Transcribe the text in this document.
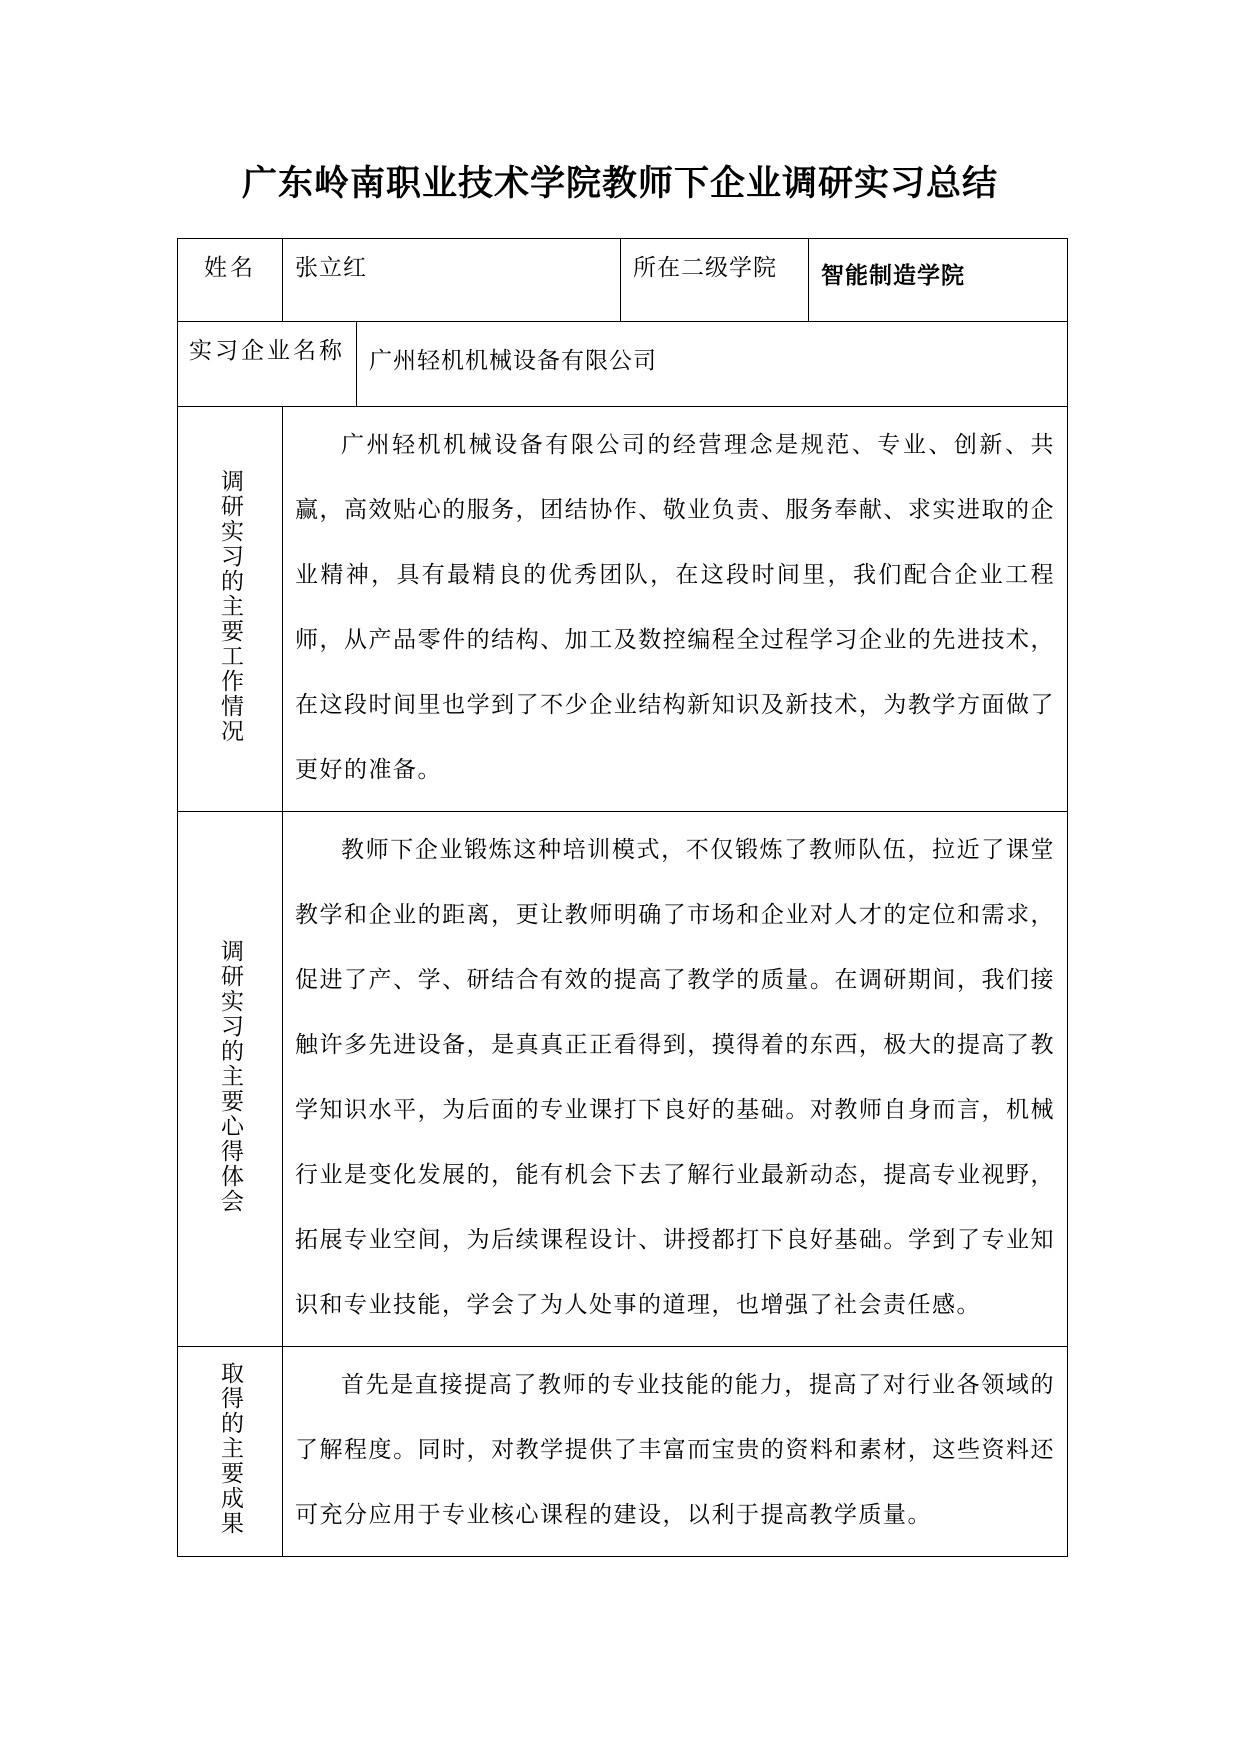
广东岭南职业技术学院教师下企业调研实习总结
姓名	张立红		所在二级学院	智能制造学院
实习企业名称		广州轻机机械设备有限公司		
调研实习的主要工作情况	广州轻机机械设备有限公司的经营理念是规范、专业、创新、共赢，高效贴心的服务，团结协作、敬业负责、服务奉献、求实进取的企业精神，具有最精良的优秀团队，在这段时间里，我们配合企业工程师，从产品零件的结构、加工及数控编程全过程学习企业的先进技术，在这段时间里也学到了不少企业结构新知识及新技术，为教学方面做了更好的准备。			

调研实习的主要心得体会	教师下企业锻炼这种培训模式，不仅锻炼了教师队伍，拉近了课堂教学和企业的距离，更让教师明确了市场和企业对人才的定位和需求，促进了产、学、研结合有效的提高了教学的质量。在调研期间，我们接触许多先进设备，是真真正正看得到，摸得着的东西，极大的提高了教学知识水平，为后面的专业课打下良好的基础。对教师自身而言，机械行业是变化发展的，能有机会下去了解行业最新动态，提高专业视野，拓展专业空间，为后续课程设计、讲授都打下良好基础。学到了专业知识和专业技能，学会了为人处事的道理，也增强了社会责任感。			

取得的主要成果	首先是直接提高了教师的专业技能的能力，提高了对行业各领域的了解程度。同时，对教学提供了丰富而宝贵的资料和素材，这些资料还可充分应用于专业核心课程的建设，以利于提高教学质量。			
